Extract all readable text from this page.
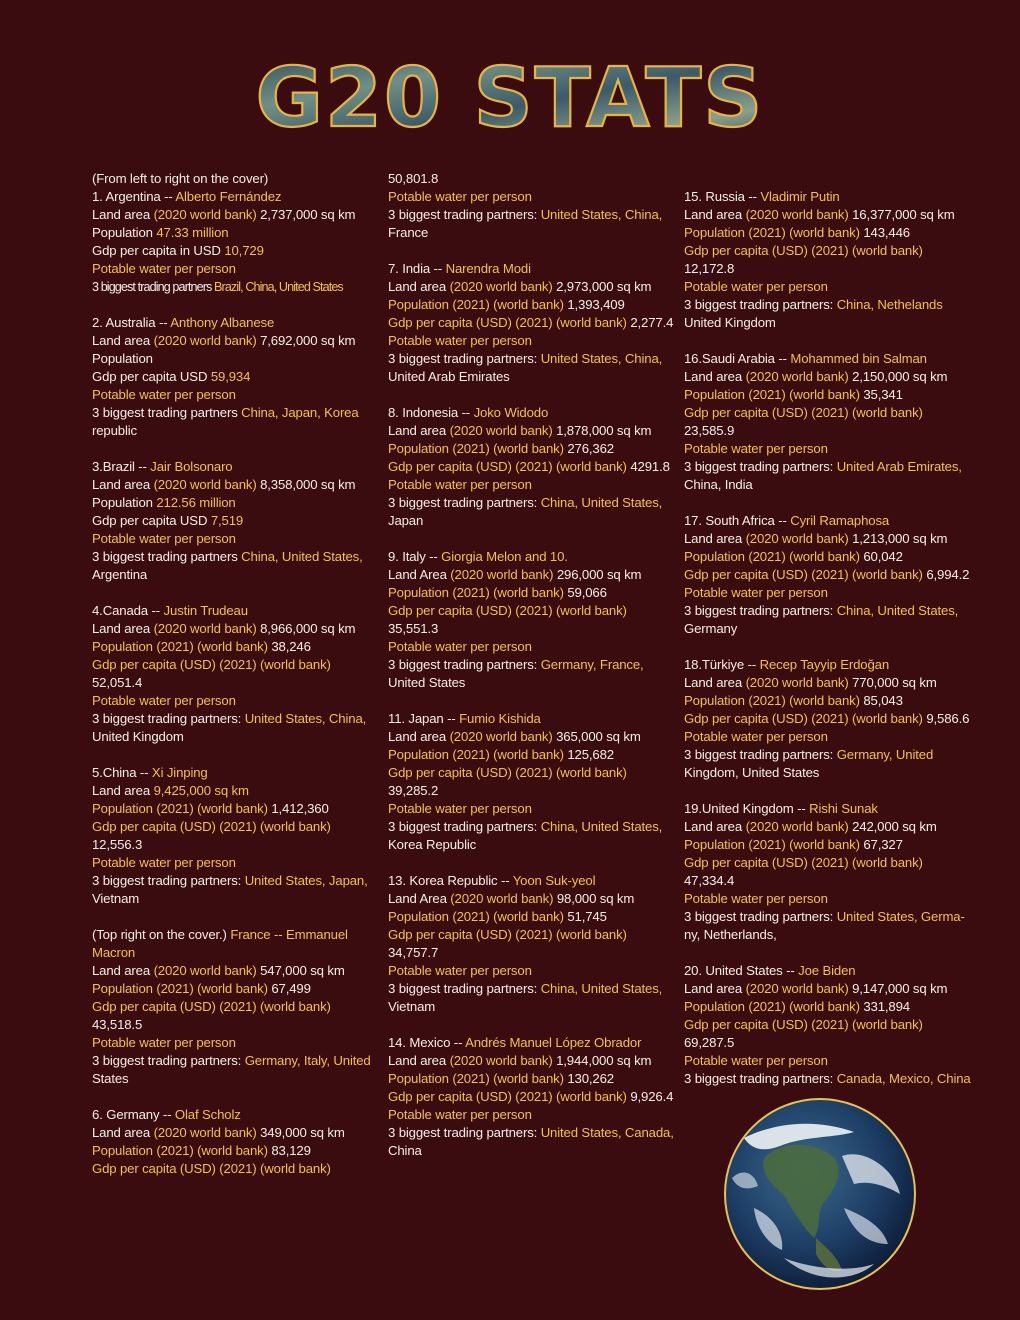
G20 STATS
(From left to right on the cover)
1. Argentina -- Alberto Fernández
Land area (2020 world bank) 2,737,000 sq km
Population 47.33 million
Gdp per capita in USD 10,729
Potable water per person
3 biggest trading partners Brazil, China, United States
2. Australia -- Anthony Albanese
Land area (2020 world bank) 7,692,000 sq km
Population
Gdp per capita USD 59,934
Potable water per person
3 biggest trading partners China, Japan, Korea
republic
3.Brazil -- Jair Bolsonaro
Land area (2020 world bank) 8,358,000 sq km
Population 212.56 million
Gdp per capita USD 7,519
Potable water per person
3 biggest trading partners China, United States,
Argentina
4.Canada -- Justin Trudeau
Land area (2020 world bank) 8,966,000 sq km
Population (2021) (world bank) 38,246
Gdp per capita (USD) (2021) (world bank)
52,051.4
Potable water per person
3 biggest trading partners: United States, China,
United Kingdom
5.China -- Xi Jinping
Land area 9,425,000 sq km
Population (2021) (world bank) 1,412,360
Gdp per capita (USD) (2021) (world bank)
12,556.3
Potable water per person
3 biggest trading partners: United States, Japan,
Vietnam
(Top right on the cover.) France -- Emmanuel
Macron
Land area (2020 world bank) 547,000 sq km
Population (2021) (world bank) 67,499
Gdp per capita (USD) (2021) (world bank)
43,518.5
Potable water per person
3 biggest trading partners: Germany, Italy, United
States
6. Germany -- Olaf Scholz
Land area (2020 world bank) 349,000 sq km
Population (2021) (world bank) 83,129
Gdp per capita (USD) (2021) (world bank)
50,801.8
Potable water per person
3 biggest trading partners: United States, China,
France
7. India -- Narendra Modi
Land area (2020 world bank) 2,973,000 sq km
Population (2021) (world bank) 1,393,409
Gdp per capita (USD) (2021) (world bank) 2,277.4
Potable water per person
3 biggest trading partners: United States, China,
United Arab Emirates
8. Indonesia -- Joko Widodo
Land area (2020 world bank) 1,878,000 sq km
Population (2021) (world bank) 276,362
Gdp per capita (USD) (2021) (world bank) 4291.8
Potable water per person
3 biggest trading partners: China, United States,
Japan
9. Italy -- Giorgia Melon and 10.
Land Area (2020 world bank) 296,000 sq km
Population (2021) (world bank) 59,066
Gdp per capita (USD) (2021) (world bank)
35,551.3
Potable water per person
3 biggest trading partners: Germany, France,
United States
11. Japan -- Fumio Kishida
Land area (2020 world bank) 365,000 sq km
Population (2021) (world bank) 125,682
Gdp per capita (USD) (2021) (world bank)
39,285.2
Potable water per person
3 biggest trading partners: China, United States,
Korea Republic
13. Korea Republic -- Yoon Suk-yeol
Land Area (2020 world bank) 98,000 sq km
Population (2021) (world bank) 51,745
Gdp per capita (USD) (2021) (world bank)
34,757.7
Potable water per person
3 biggest trading partners: China, United States,
Vietnam
14. Mexico -- Andrés Manuel López Obrador
Land area (2020 world bank) 1,944,000 sq km
Population (2021) (world bank) 130,262
Gdp per capita (USD) (2021) (world bank) 9,926.4
Potable water per person
3 biggest trading partners: United States, Canada,
China
15. Russia -- Vladimir Putin
Land area (2020 world bank) 16,377,000 sq km
Population (2021) (world bank) 143,446
Gdp per capita (USD) (2021) (world bank)
12,172.8
Potable water per person
3 biggest trading partners: China, Nethelands
United Kingdom
16.Saudi Arabia -- Mohammed bin Salman
Land area (2020 world bank) 2,150,000 sq km
Population (2021) (world bank) 35,341
Gdp per capita (USD) (2021) (world bank)
23,585.9
Potable water per person
3 biggest trading partners: United Arab Emirates,
China, India
17. South Africa -- Cyril Ramaphosa
Land area (2020 world bank) 1,213,000 sq km
Population (2021) (world bank) 60,042
Gdp per capita (USD) (2021) (world bank) 6,994.2
Potable water per person
3 biggest trading partners: China, United States,
Germany
18.Türkiye -- Recep Tayyip Erdoğan
Land area (2020 world bank) 770,000 sq km
Population (2021) (world bank) 85,043
Gdp per capita (USD) (2021) (world bank) 9,586.6
Potable water per person
3 biggest trading partners: Germany, United
Kingdom, United States
19.United Kingdom -- Rishi Sunak
Land area (2020 world bank) 242,000 sq km
Population (2021) (world bank) 67,327
Gdp per capita (USD) (2021) (world bank)
47,334.4
Potable water per person
3 biggest trading partners: United States, Germa-
ny, Netherlands,
20. United States -- Joe Biden
Land area (2020 world bank) 9,147,000 sq km
Population (2021) (world bank) 331,894
Gdp per capita (USD) (2021) (world bank)
69,287.5
Potable water per person
3 biggest trading partners: Canada, Mexico, China
